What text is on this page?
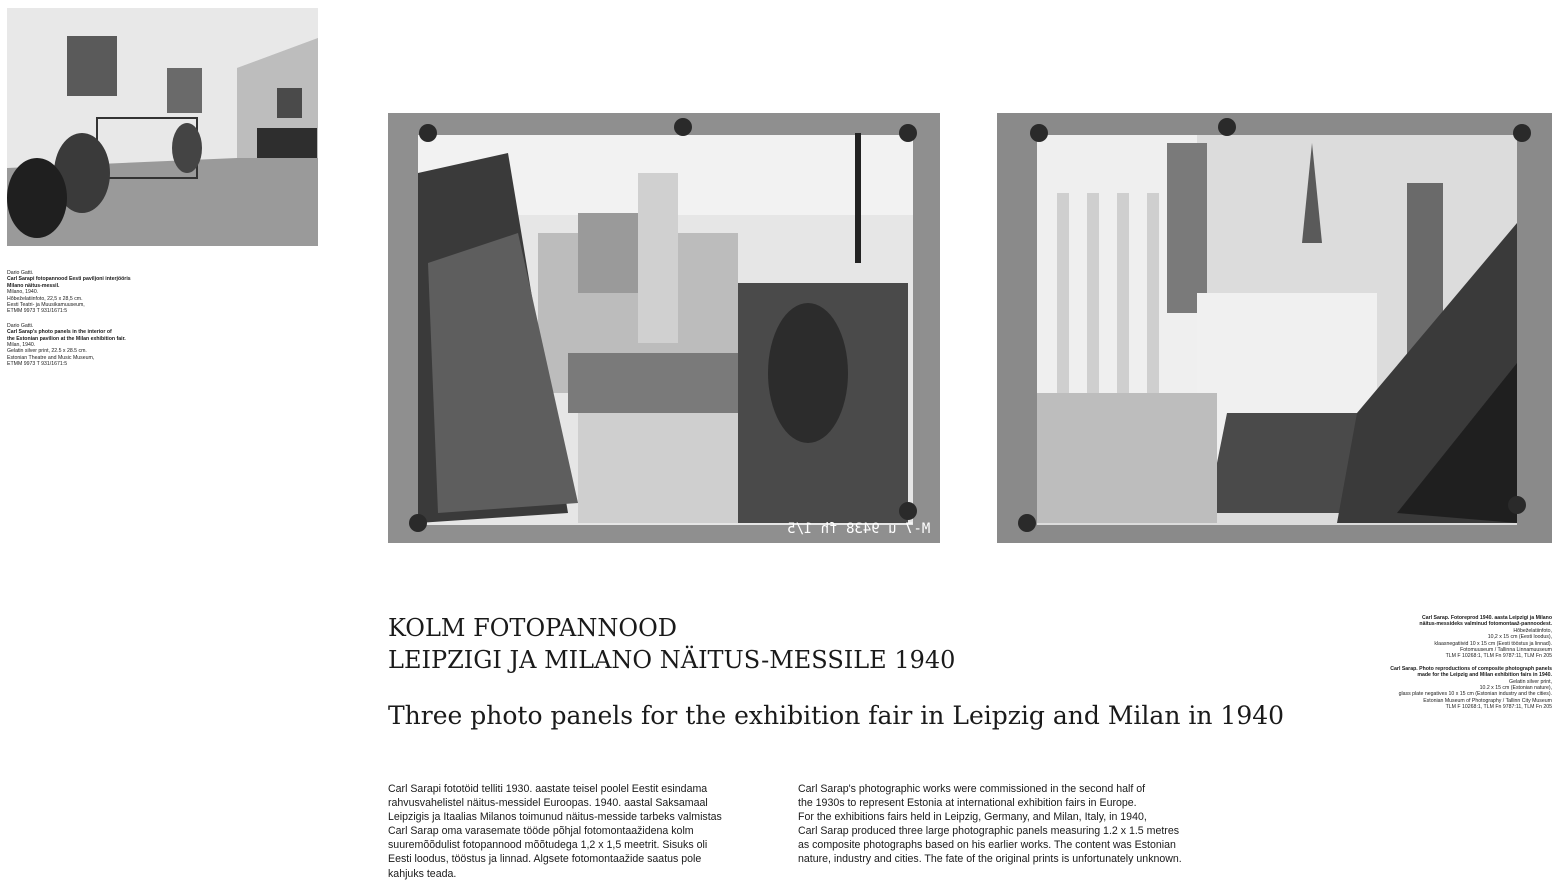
M-7 u 9438 fh 1/5
Dario Gatti.
Carl Sarapi fotopannood Eesti paviljoni interjööris
Milano näitus-messil.
Milano, 1940.
Hõbeželatiinfoto, 22,5 x 28,5 cm.
Eesti Teatri- ja Muusikamuuseum,
ETMM 9973 T 931/1671:5
Dario Gatti.
Carl Sarap's photo panels in the interior of
the Estonian pavilion at the Milan exhibition fair.
Milan, 1940.
Gelatin silver print, 22.5 x 28.5 cm.
Estonian Theatre and Music Museum,
ETMM 9973 T 931/1671:5
KOLM FOTOPANNOOD
LEIPZIGI JA MILANO NÄITUS-MESSILE 1940
Three photo panels for the exhibition fair in Leipzig and Milan in 1940
Carl Sarap. Fotoreprod 1940. aasta Leipzigi ja Milano
näitus-messideks valminud fotomontaaž-pannoodest.
Hõbeželatiinfoto,
10,2 x 15 cm (Eesti loodus),
klaasnegatiivid 10 x 15 cm (Eesti tööstus ja linnad).
Fotomuuseum / Tallinna Linnamuuseum
TLM F 10268:1, TLM Fn 9787:11, TLM Fn 205
Carl Sarap. Photo reproductions of composite photograph panels
made for the Leipzig and Milan exhibition fairs in 1940.
Gelatin silver print,
10.2 x 15 cm (Estonian nature),
glass plate negatives 10 x 15 cm (Estonian industry and the cities).
Estonian Museum of Photography / Tallinn City Museum
TLM F 10268:1, TLM Fn 9787:11, TLM Fn 205
Carl Sarapi fototöid telliti 1930. aastate teisel poolel Eestit esindama
rahvusvahelistel näitus-messidel Euroopas. 1940. aastal Saksamaal
Leipzigis ja Itaalias Milanos toimunud näitus-messide tarbeks valmistas
Carl Sarap oma varasemate tööde põhjal fotomontaažidena kolm
suuremõõdulist fotopannood mõõtudega 1,2 x 1,5 meetrit. Sisuks oli
Eesti loodus, tööstus ja linnad. Algsete fotomontaažide saatus pole
kahjuks teada.
Carl Sarap's photographic works were commissioned in the second half of
the 1930s to represent Estonia at international exhibition fairs in Europe.
For the exhibitions fairs held in Leipzig, Germany, and Milan, Italy, in 1940,
Carl Sarap produced three large photographic panels measuring 1.2 x 1.5 metres
as composite photographs based on his earlier works. The content was Estonian
nature, industry and cities. The fate of the original prints is unfortunately unknown.
